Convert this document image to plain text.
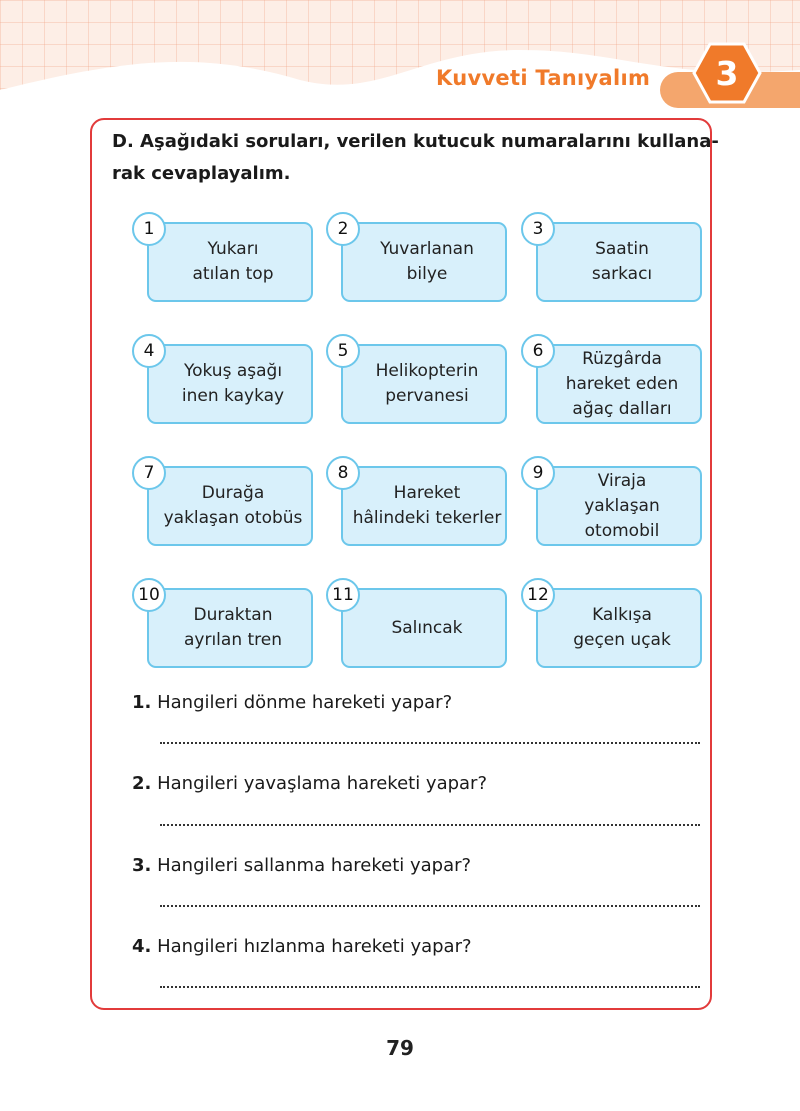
Kuvveti Tanıyalım	3
D. Aşağıdaki soruları, verilen kutucuk numaralarını kullana-
rak cevaplayalım.
Yukarı
atılan top
1
Yuvarlanan
bilye
2
Saatin
sarkacı
3
Yokuş aşağı
inen kaykay
4
Helikopterin
pervanesi
5	Rüzgârda
hareket eden
ağaç dalları
6
Durağa
yaklaşan otobüs
7
Hareket
hâlindeki tekerler
8	Viraja
yaklaşan
otomobil
9
Duraktan
ayrılan tren
10
Salıncak
11
Kalkışa
geçen uçak
12
1. Hangileri dönme hareketi yapar?
2. Hangileri yavaşlama hareketi yapar?
3. Hangileri sallanma hareketi yapar?
4. Hangileri hızlanma hareketi yapar?
79
